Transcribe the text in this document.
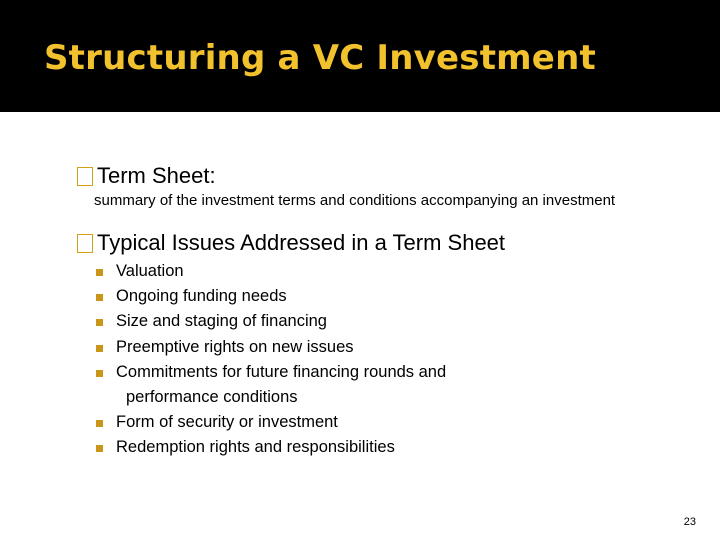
Structuring a VC Investment
Term Sheet:
summary of the investment terms and conditions accompanying an investment
Typical Issues Addressed in a Term Sheet
Valuation
Ongoing funding needs
Size and staging of financing
Preemptive rights on new issues
Commitments for future financing rounds and
performance conditions
Form of security or investment
Redemption rights and responsibilities
23
